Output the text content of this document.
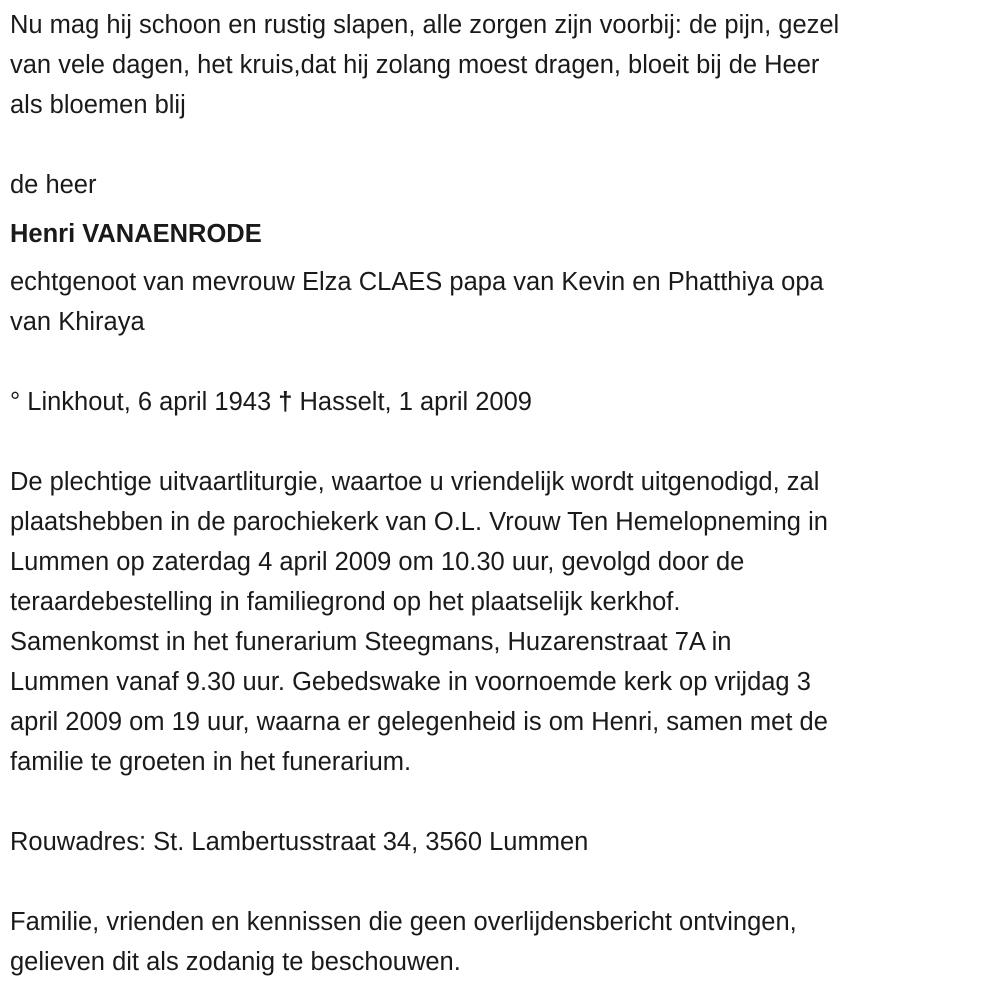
Nu mag hij schoon en rustig slapen, alle zorgen zijn voorbij: de pijn, gezel
van vele dagen, het kruis,dat hij zolang moest dragen, bloeit bij de Heer
als bloemen blij
de heer
Henri VANAENRODE
echtgenoot van mevrouw Elza CLAES papa van Kevin en Phatthiya opa
van Khiraya
° Linkhout, 6 april 1943 † Hasselt, 1 april 2009
De plechtige uitvaartliturgie, waartoe u vriendelijk wordt uitgenodigd, zal
plaatshebben in de parochiekerk van O.L. Vrouw Ten Hemelopneming in
Lummen op zaterdag 4 april 2009 om 10.30 uur, gevolgd door de
teraardebestelling in familiegrond op het plaatselijk kerkhof.
Samenkomst in het funerarium Steegmans, Huzarenstraat 7A in
Lummen vanaf 9.30 uur. Gebedswake in voornoemde kerk op vrijdag 3
april 2009 om 19 uur, waarna er gelegenheid is om Henri, samen met de
familie te groeten in het funerarium.
Rouwadres: St. Lambertusstraat 34, 3560 Lummen
Familie, vrienden en kennissen die geen overlijdensbericht ontvingen,
gelieven dit als zodanig te beschouwen.
